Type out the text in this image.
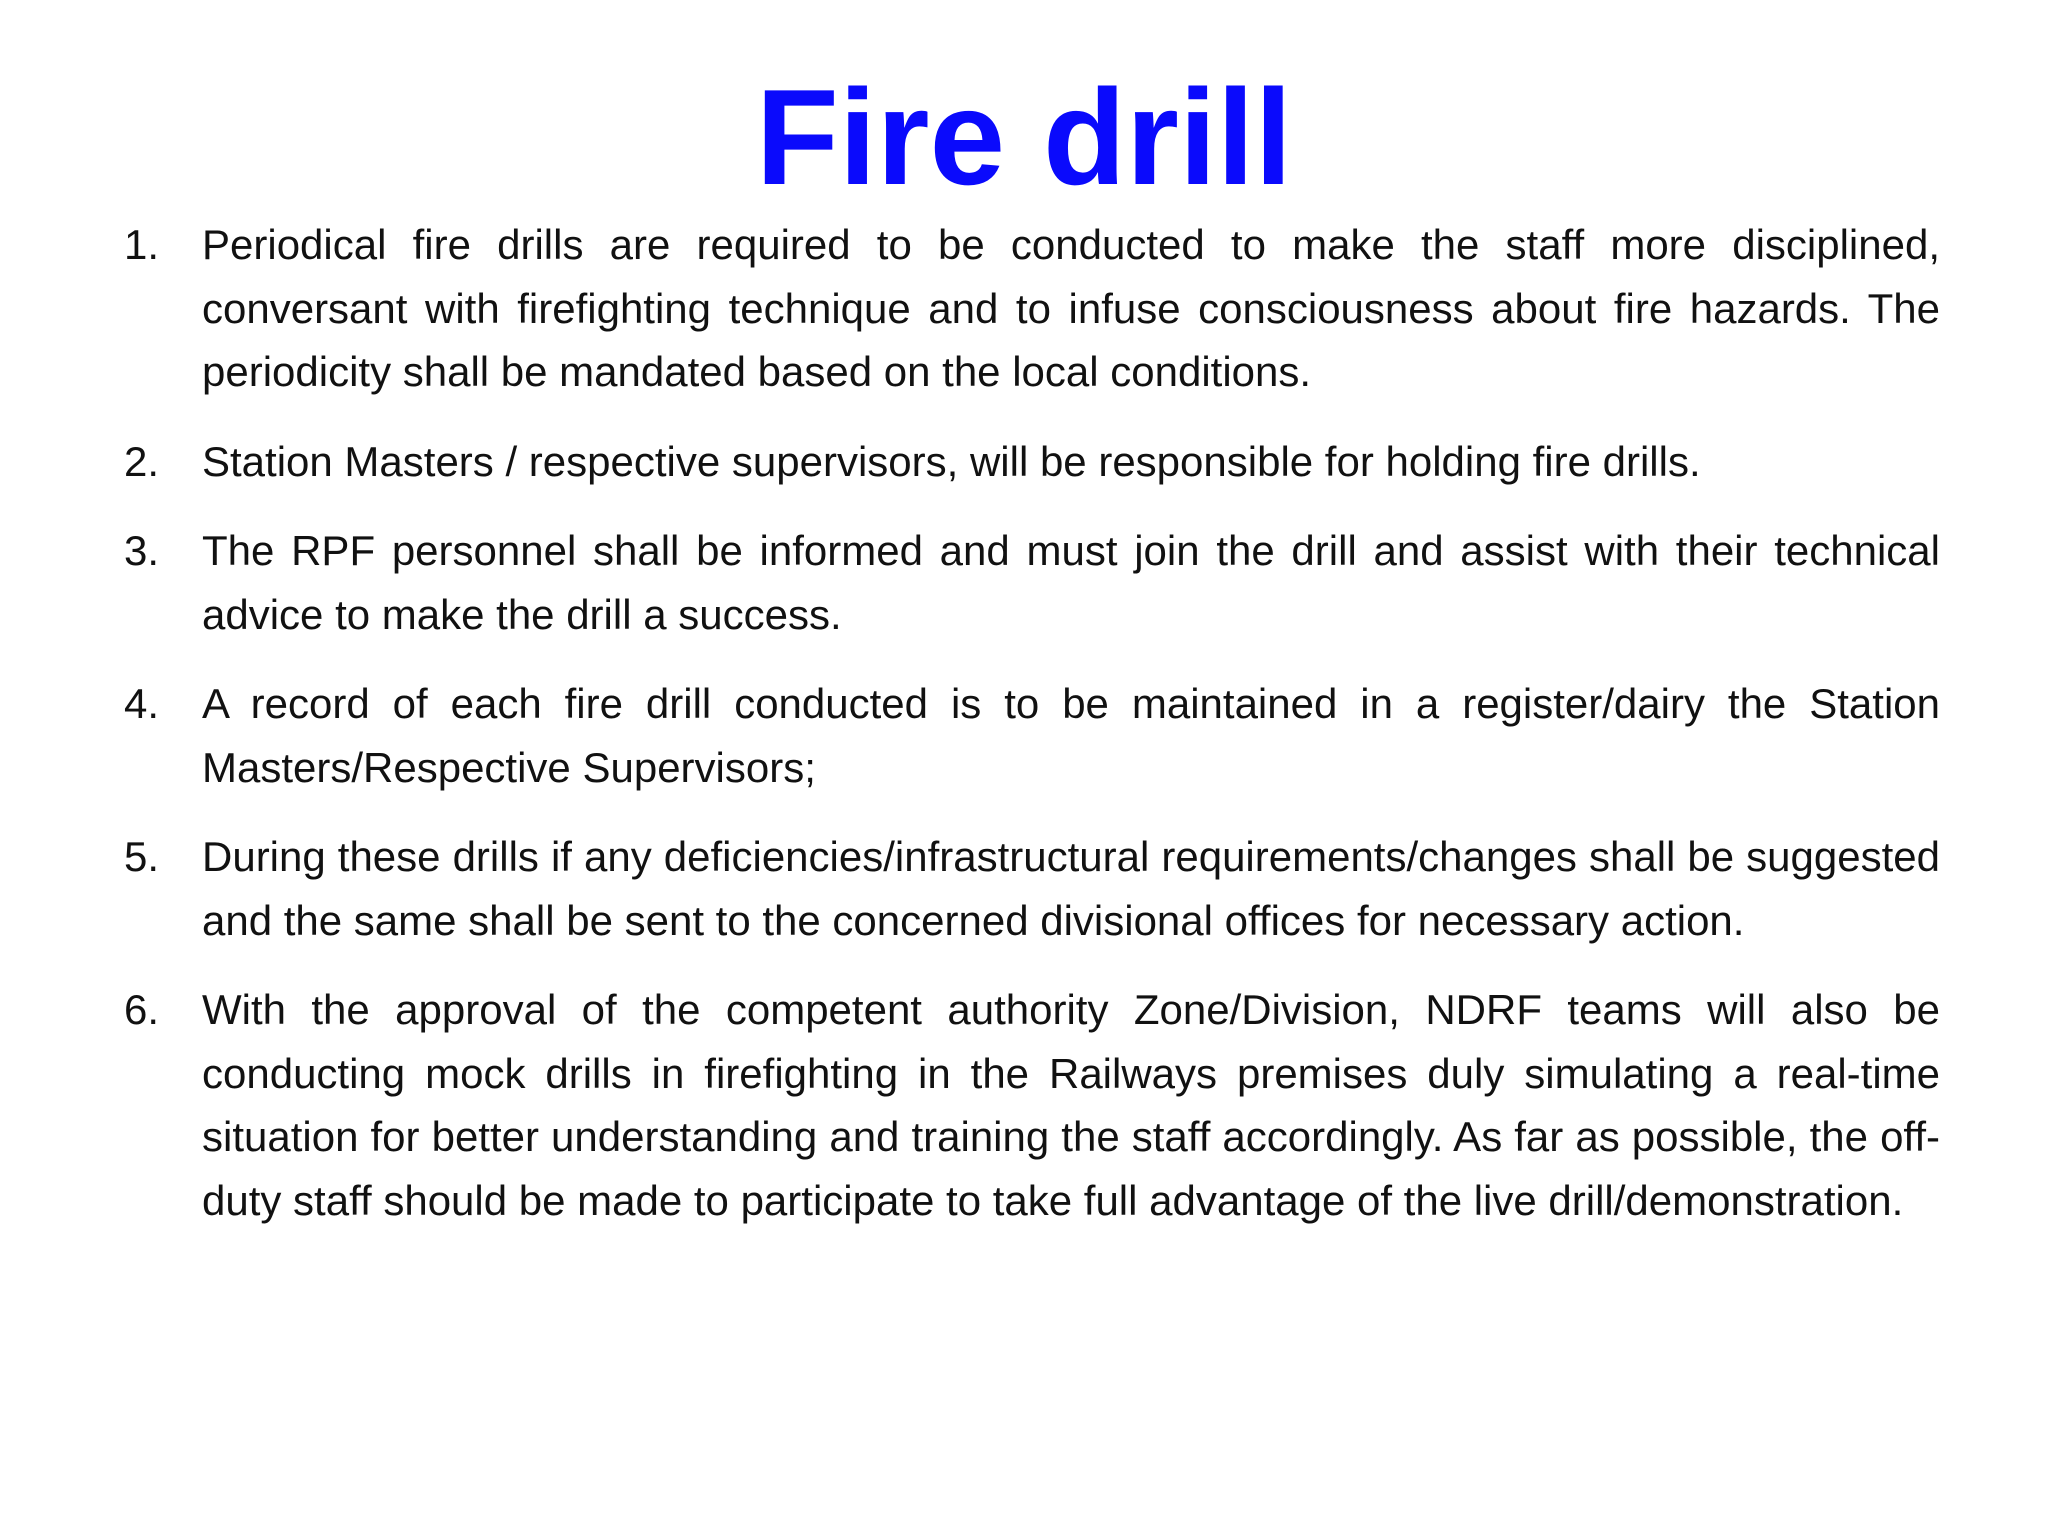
Fire drill
1.	Periodical fire drills are required to be conducted to make the staff more disciplined, conversant with firefighting technique and to infuse consciousness about fire hazards. The periodicity shall be mandated based on the local conditions.
2.	Station Masters / respective supervisors, will be responsible for holding fire drills.
3.	The RPF personnel shall be informed and must join the drill and assist with their technical advice to make the drill a success.
4.	A record of each fire drill conducted is to be maintained in a register/dairy the Station Masters/Respective Supervisors;
5.	During these drills if any deficiencies/infrastructural requirements/changes shall be suggested and the same shall be sent to the concerned divisional offices for necessary action.
6.	With the approval of the competent authority Zone/Division, NDRF teams will also be conducting mock drills in firefighting in the Railways premises duly simulating a real-time situation for better understanding and training the staff accordingly. As far as possible, the off-duty staff should be made to participate to take full advantage of the live drill/demonstration.
